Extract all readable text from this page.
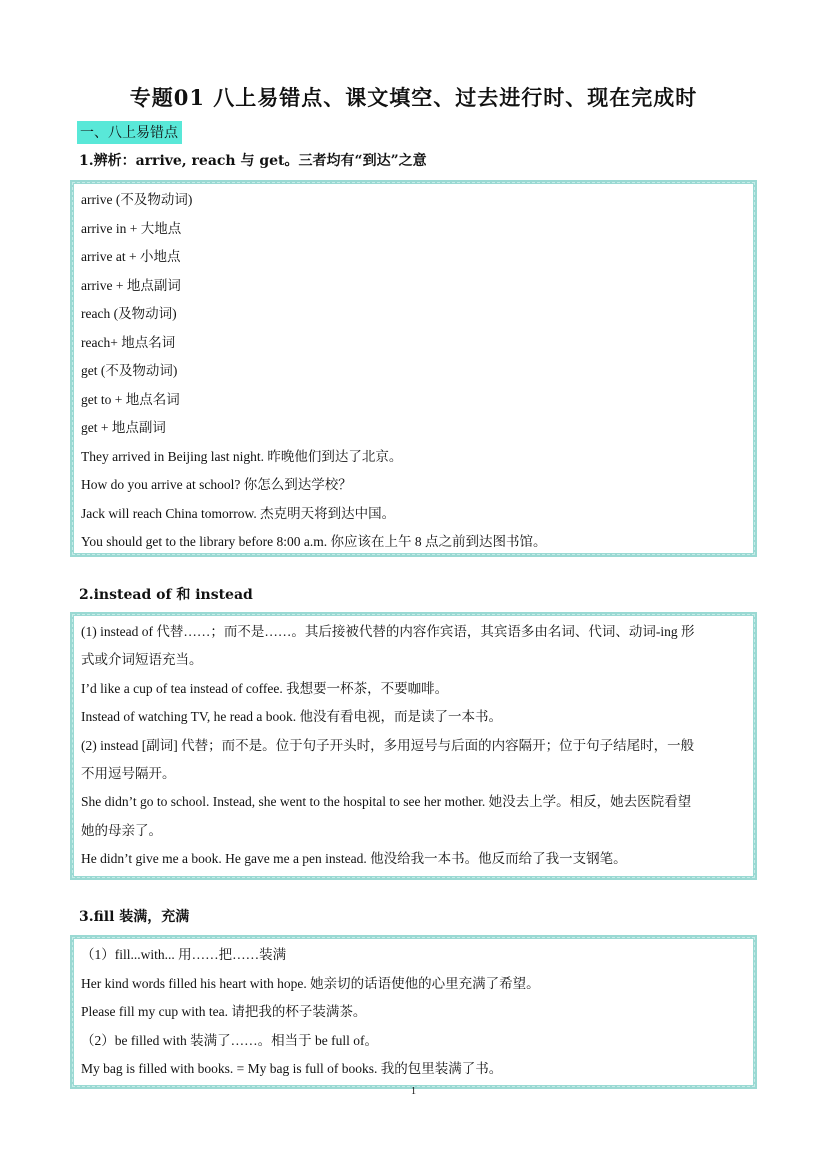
专题01 八上易错点、课文填空、过去进行时、现在完成时
一、八上易错点
1.辨析：arrive, reach 与 get。三者均有“到达”之意
arrive (不及物动词)
arrive in + 大地点
arrive at + 小地点
arrive + 地点副词
reach (及物动词)
reach+ 地点名词
get (不及物动词)
get to + 地点名词
get + 地点副词
They arrived in Beijing last night. 昨晚他们到达了北京。
How do you arrive at school? 你怎么到达学校？
Jack will reach China tomorrow. 杰克明天将到达中国。
You should get to the library before 8:00 a.m. 你应该在上午 8 点之前到达图书馆。
2.instead of 和 instead
(1) instead of 代替……；而不是……。其后接被代替的内容作宾语，其宾语多由名词、代词、动词-ing 形
式或介词短语充当。
I’d like a cup of tea instead of coffee. 我想要一杯茶，不要咖啡。
Instead of watching TV, he read a book. 他没有看电视，而是读了一本书。
(2) instead [副词] 代替；而不是。位于句子开头时，多用逗号与后面的内容隔开；位于句子结尾时，一般
不用逗号隔开。
She didn’t go to school. Instead, she went to the hospital to see her mother. 她没去上学。相反，她去医院看望
她的母亲了。
He didn’t give me a book. He gave me a pen instead. 他没给我一本书。他反而给了我一支钢笔。
3.fill 装满，充满
（1）fill...with... 用……把……装满
Her kind words filled his heart with hope. 她亲切的话语使他的心里充满了希望。
Please fill my cup with tea. 请把我的杯子装满茶。
（2）be filled with 装满了……。相当于 be full of。
My bag is filled with books. = My bag is full of books. 我的包里装满了书。
1
